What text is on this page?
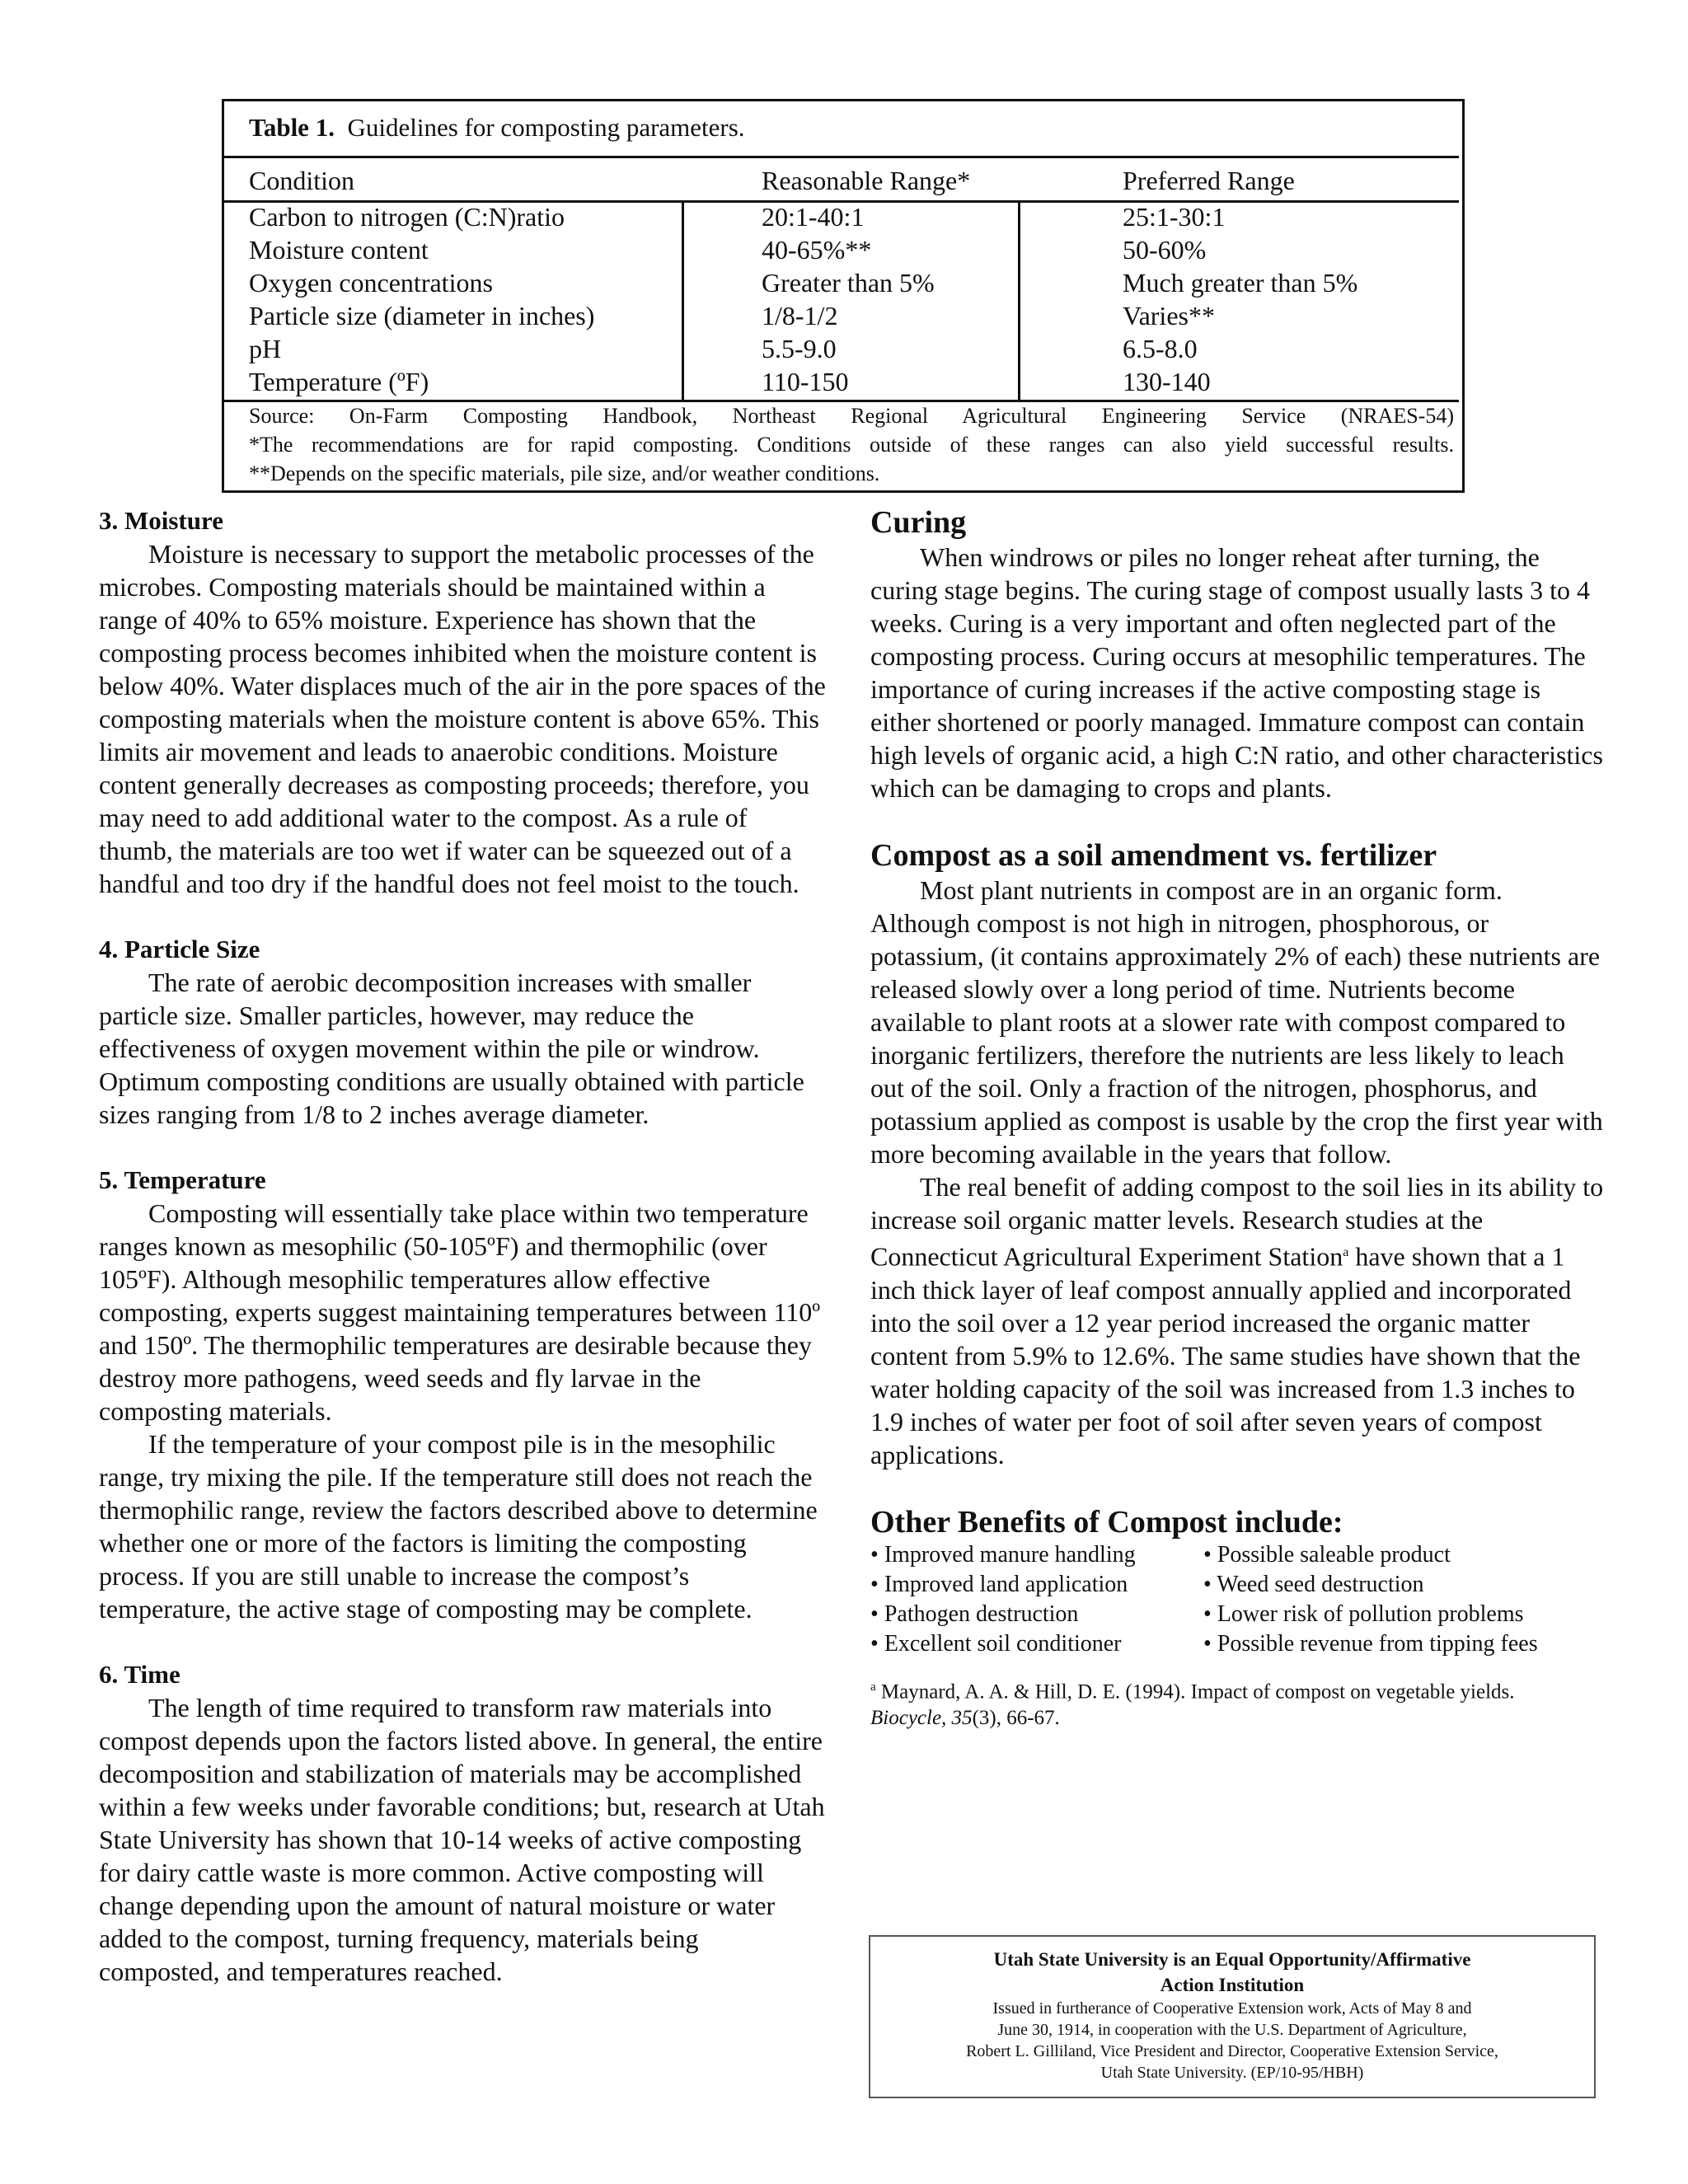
Table 1. Guidelines for composting parameters.
Condition	Reasonable Range*	Preferred Range
Carbon to nitrogen (C:N)ratio	20:1-40:1	25:1-30:1
Moisture content	40-65%**	50-60%
Oxygen concentrations	Greater than 5%	Much greater than 5%
Particle size (diameter in inches)	1/8-1/2	Varies**
pH	5.5-9.0	6.5-8.0
Temperature (ºF)	110-150	130-140
Source: On-Farm Composting Handbook, Northeast Regional Agricultural Engineering Service (NRAES-54)
*The recommendations are for rapid composting. Conditions outside of these ranges can also yield successful results.
**Depends on the specific materials, pile size, and/or weather conditions.

3. Moisture

Moisture is necessary to support the metabolic processes of the microbes. Composting materials should be maintained within a range of 40% to 65% moisture. Experience has shown that the composting process becomes inhibited when the moisture content is below 40%. Water displaces much of the air in the pore spaces of the composting materials when the moisture content is above 65%. This limits air movement and leads to anaerobic conditions. Moisture content generally decreases as composting proceeds; therefore, you may need to add additional water to the compost. As a rule of thumb, the materials are too wet if water can be squeezed out of a handful and too dry if the handful does not feel moist to the touch.

4. Particle Size

The rate of aerobic decomposition increases with smaller particle size. Smaller particles, however, may reduce the effectiveness of oxygen movement within the pile or windrow. Optimum composting conditions are usually obtained with particle sizes ranging from 1/8 to 2 inches average diameter.

5. Temperature

Composting will essentially take place within two temperature ranges known as mesophilic (50-105ºF) and thermophilic (over 105ºF). Although mesophilic temperatures allow effective composting, experts suggest maintaining temperatures between 110º and 150º. The thermophilic temperatures are desirable because they destroy more pathogens, weed seeds and fly larvae in the composting materials.

If the temperature of your compost pile is in the mesophilic range, try mixing the pile. If the temperature still does not reach the thermophilic range, review the factors described above to determine whether one or more of the factors is limiting the composting process. If you are still unable to increase the compost’s temperature, the active stage of composting may be complete.

6. Time

The length of time required to transform raw materials into compost depends upon the factors listed above. In general, the entire decomposition and stabilization of materials may be accomplished within a few weeks under favorable conditions; but, research at Utah State University has shown that 10-14 weeks of active composting for dairy cattle waste is more common. Active composting will change depending upon the amount of natural moisture or water added to the compost, turning frequency, materials being composted, and temperatures reached.

Curing

When windrows or piles no longer reheat after turning, the curing stage begins. The curing stage of compost usually lasts 3 to 4 weeks. Curing is a very important and often neglected part of the composting process. Curing occurs at mesophilic temperatures. The importance of curing increases if the active composting stage is either shortened or poorly managed. Immature compost can contain high levels of organic acid, a high C:N ratio, and other characteristics which can be damaging to crops and plants.

Compost as a soil amendment vs. fertilizer

Most plant nutrients in compost are in an organic form. Although compost is not high in nitrogen, phosphorous, or potassium, (it contains approximately 2% of each) these nutrients are released slowly over a long period of time. Nutrients become available to plant roots at a slower rate with compost compared to inorganic fertilizers, therefore the nutrients are less likely to leach out of the soil. Only a fraction of the nitrogen, phosphorus, and potassium applied as compost is usable by the crop the first year with more becoming available in the years that follow.

The real benefit of adding compost to the soil lies in its ability to increase soil organic matter levels. Research studies at the Connecticut Agricultural Experiment Station$^a$ have shown that a 1 inch thick layer of leaf compost annually applied and incorporated into the soil over a 12 year period increased the organic matter content from 5.9% to 12.6%. The same studies have shown that the water holding capacity of the soil was increased from 1.3 inches to 1.9 inches of water per foot of soil after seven years of compost applications.

Other Benefits of Compost include:

• Improved manure handling
• Improved land application
• Pathogen destruction
• Excellent soil conditioner
• Possible saleable product
• Weed seed destruction
• Lower risk of pollution problems
• Possible revenue from tipping fees
$^a$ Maynard, A. A. & Hill, D. E. (1994). Impact of compost on vegetable yields.
Biocycle, 35(3), 66-67.
Utah State University is an Equal Opportunity/Affirmative
Action Institution
Issued in furtherance of Cooperative Extension work, Acts of May 8 and
June 30, 1914, in cooperation with the U.S. Department of Agriculture,
Robert L. Gilliland, Vice President and Director, Cooperative Extension Service,
Utah State University. (EP/10-95/HBH)
